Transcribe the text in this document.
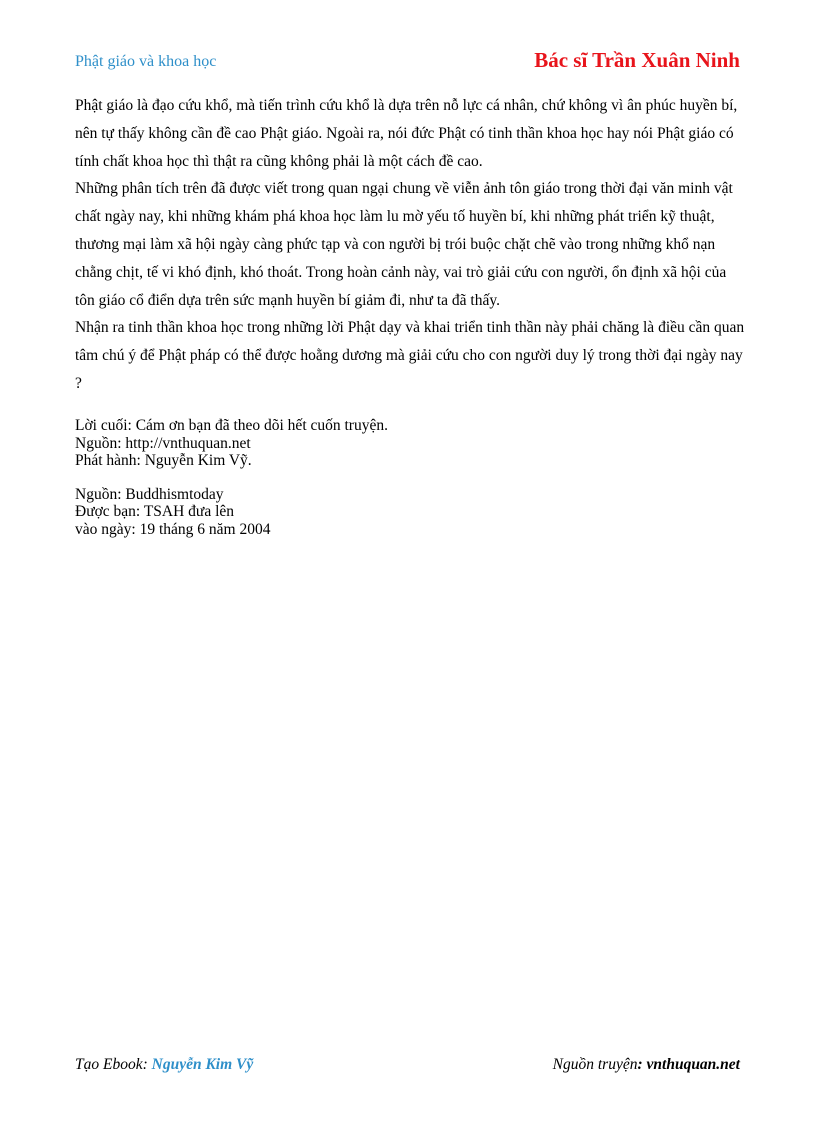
Phật giáo và khoa học	Bác sĩ Trần Xuân Ninh

Phật giáo là đạo cứu khổ, mà tiến trình cứu khổ là dựa trên nỗ lực cá nhân, chứ không vì ân phúc huyền bí, nên tự thấy không cần đề cao Phật giáo. Ngoài ra, nói đức Phật có tinh thần khoa học hay nói Phật giáo có tính chất khoa học thì thật ra cũng không phải là một cách đề cao.

Những phân tích trên đã được viết trong quan ngại chung về viễn ảnh tôn giáo trong thời đại văn minh vật chất ngày nay, khi những khám phá khoa học làm lu mờ yếu tố huyền bí, khi những phát triển kỹ thuật, thương mại làm xã hội ngày càng phức tạp và con người bị trói buộc chặt chẽ vào trong những khổ nạn chằng chịt, tế vi khó định, khó thoát. Trong hoàn cảnh này, vai trò giải cứu con người, ổn định xã hội của tôn giáo cổ điển dựa trên sức mạnh huyền bí giảm đi, như ta đã thấy.

Nhận ra tinh thần khoa học trong những lời Phật dạy và khai triển tinh thần này phải chăng là điều cần quan tâm chú ý để Phật pháp có thể được hoằng dương mà giải cứu cho con người duy lý trong thời đại ngày nay ?

Lời cuối: Cám ơn bạn đã theo dõi hết cuốn truyện.
Nguồn: http://vnthuquan.net
Phát hành: Nguyễn Kim Vỹ.
Nguồn: Buddhismtoday
Được bạn: TSAH đưa lên
vào ngày: 19 tháng 6 năm 2004
Tạo Ebook: Nguyễn Kim Vỹ	Nguồn truyện: vnthuquan.net
